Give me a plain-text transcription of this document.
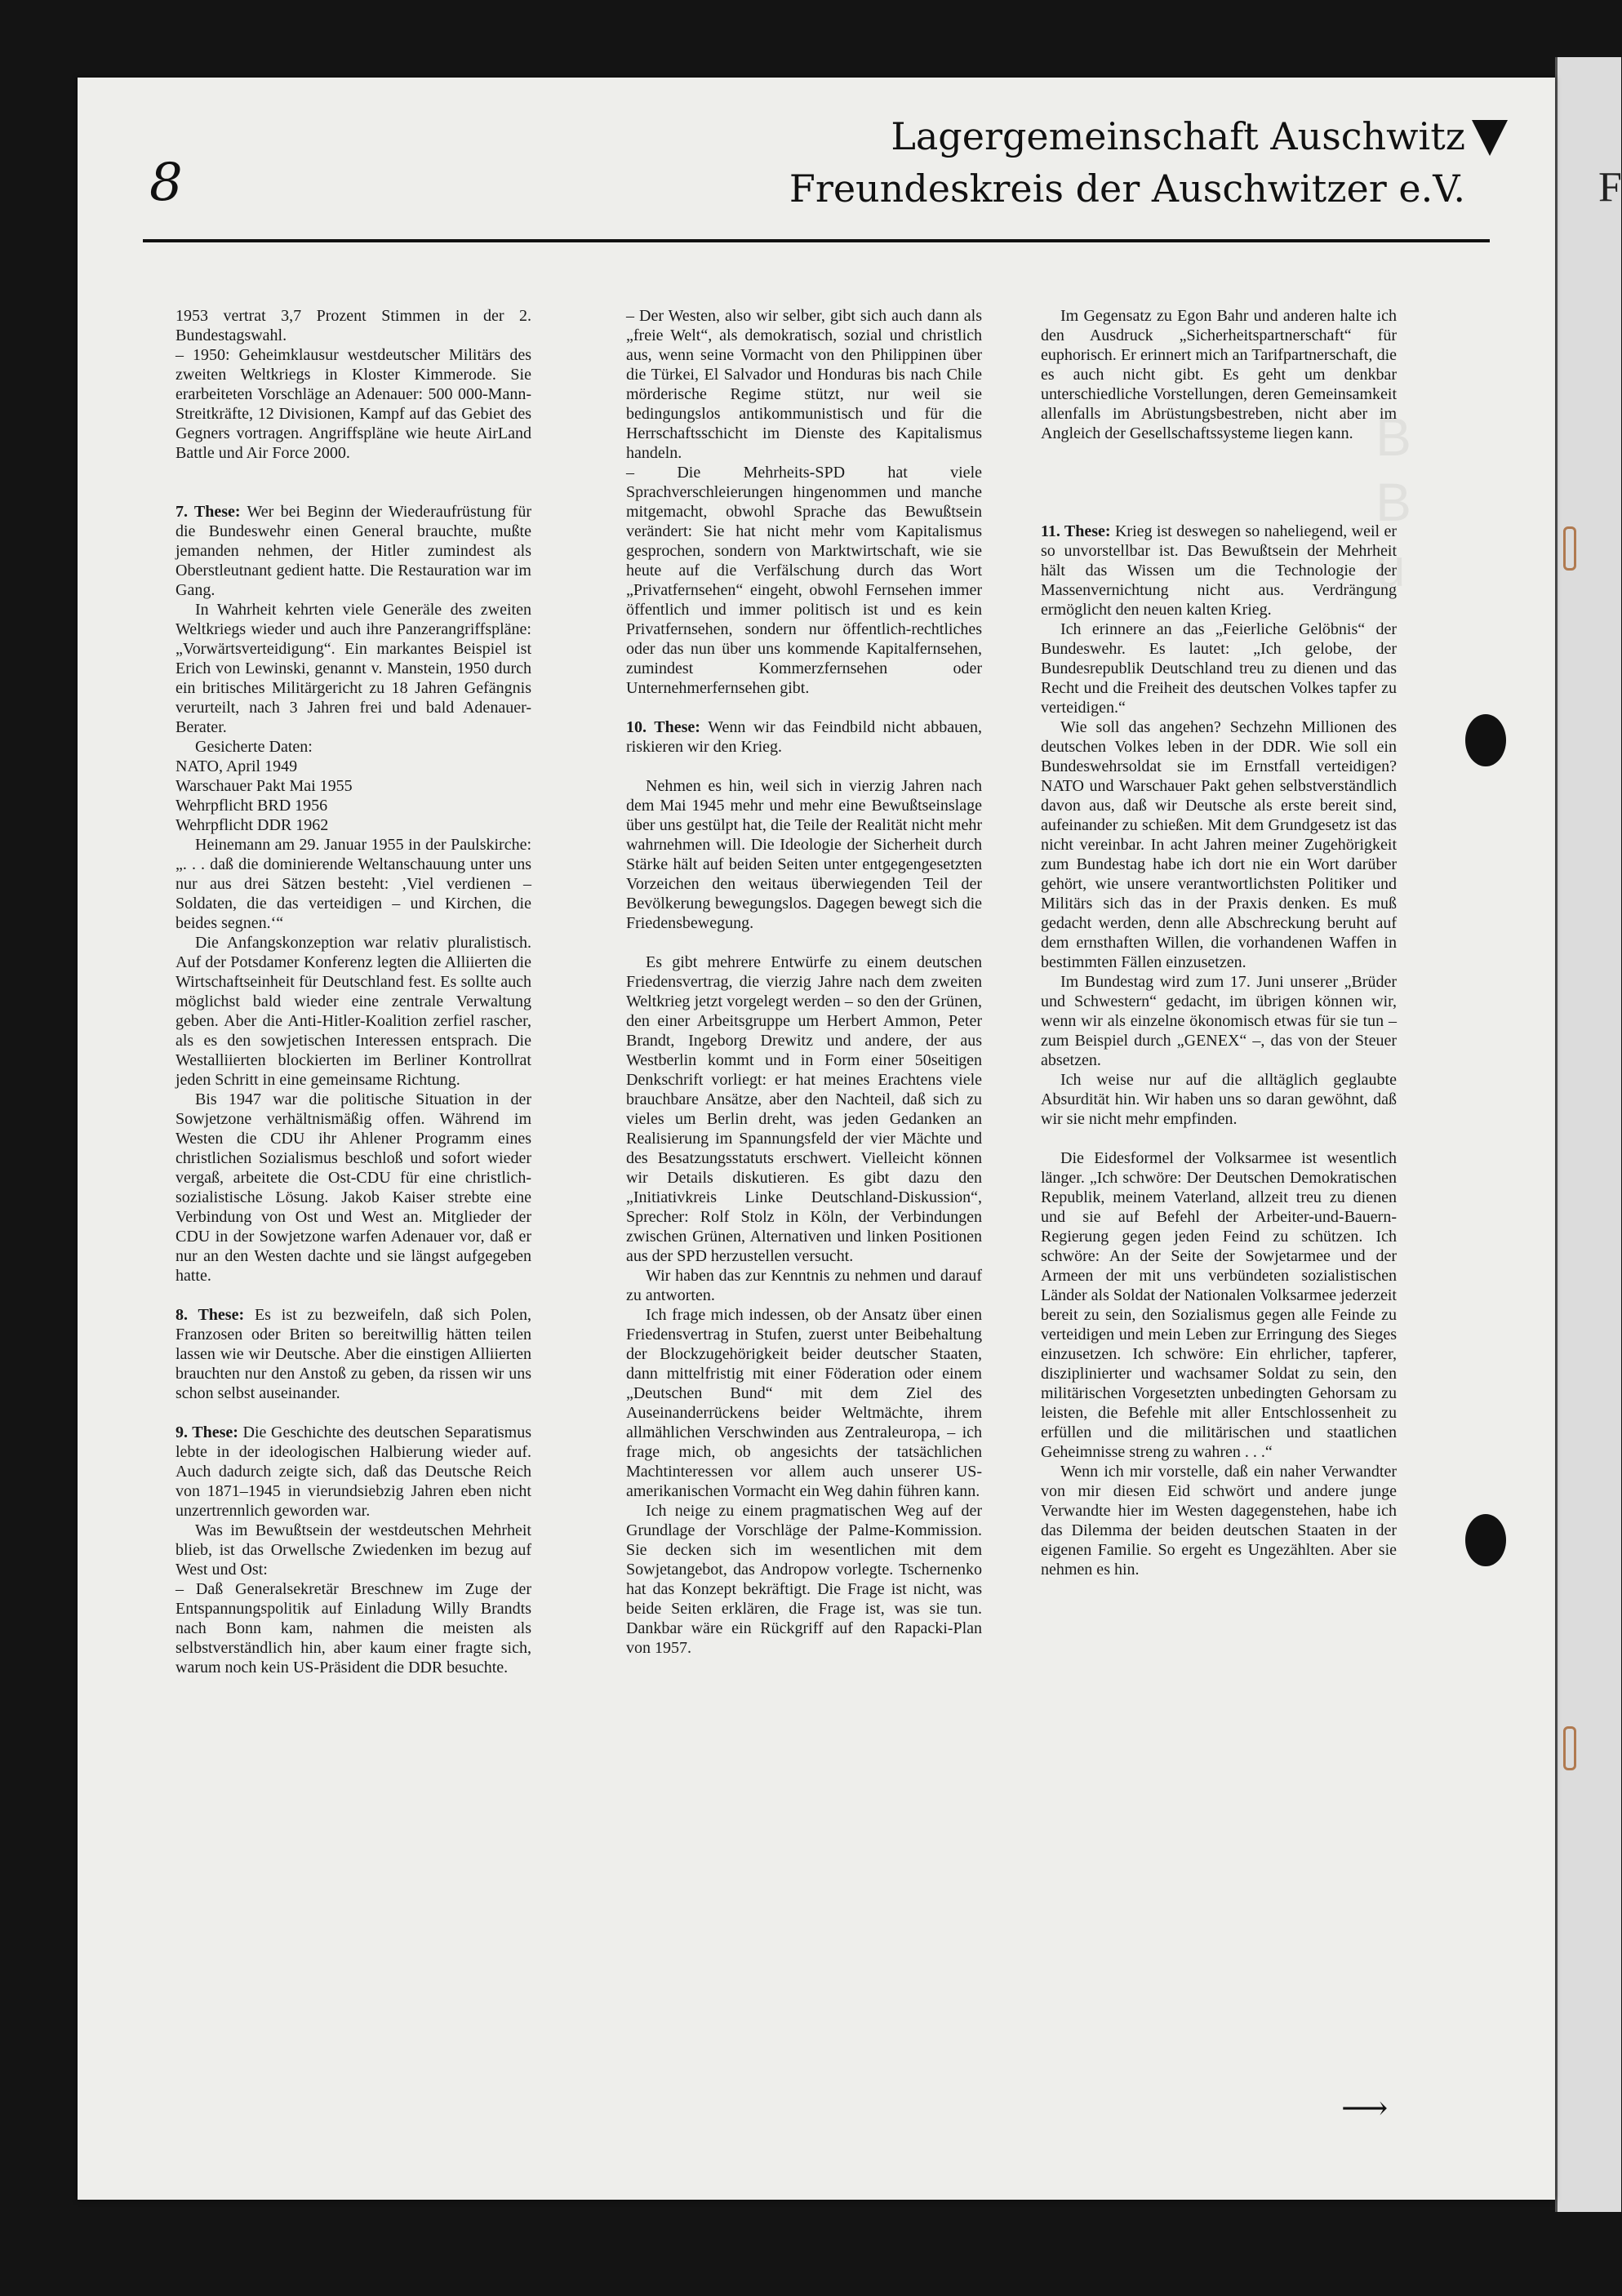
F
B
B
u
8
Lagergemeinschaft Auschwitz
Freundeskreis der Auschwitzer e.V.

1953 vertrat 3,7 Prozent Stimmen in der 2. Bundestagswahl.

– 1950: Geheimklausur westdeutscher Militärs des zweiten Weltkriegs in Kloster Kimmerode. Sie erarbeiteten Vorschläge an Adenauer: 500 000-Mann-Streitkräfte, 12 Divisionen, Kampf auf das Gebiet des Gegners vortragen. Angriffspläne wie heute AirLand Battle und Air Force 2000.

7. These: Wer bei Beginn der Wiederaufrüstung für die Bundeswehr einen General brauchte, mußte jemanden nehmen, der Hitler zumindest als Oberstleutnant gedient hatte. Die Restauration war im Gang.

In Wahrheit kehrten viele Generäle des zweiten Weltkriegs wieder und auch ihre Panzerangriffspläne: „Vorwärtsverteidigung“. Ein markantes Beispiel ist Erich von Lewinski, genannt v. Manstein, 1950 durch ein britisches Militärgericht zu 18 Jahren Gefängnis verurteilt, nach 3 Jahren frei und bald Adenauer-Berater.

Gesicherte Daten:

NATO, April 1949
Warschauer Pakt Mai 1955
Wehrpflicht BRD 1956
Wehrpflicht DDR 1962

Heinemann am 29. Januar 1955 in der Paulskirche: „. . . daß die dominierende Weltanschauung unter uns nur aus drei Sätzen besteht: ‚Viel verdienen – Soldaten, die das verteidigen – und Kirchen, die beides segnen.‘“

Die Anfangskonzeption war relativ pluralistisch. Auf der Potsdamer Konferenz legten die Alliierten die Wirtschaftseinheit für Deutschland fest. Es sollte auch möglichst bald wieder eine zentrale Verwaltung geben. Aber die Anti-Hitler-Koalition zerfiel rascher, als es den sowjetischen Interessen entsprach. Die Westalliierten blockierten im Berliner Kontrollrat jeden Schritt in eine gemeinsame Richtung.

Bis 1947 war die politische Situation in der Sowjetzone verhältnismäßig offen. Während im Westen die CDU ihr Ahlener Programm eines christlichen Sozialismus beschloß und sofort wieder vergaß, arbeitete die Ost-CDU für eine christlich-sozialistische Lösung. Jakob Kaiser strebte eine Verbindung von Ost und West an. Mitglieder der CDU in der Sowjetzone warfen Adenauer vor, daß er nur an den Westen dachte und sie längst aufgegeben hatte.

8. These: Es ist zu bezweifeln, daß sich Polen, Franzosen oder Briten so bereitwillig hätten teilen lassen wie wir Deutsche. Aber die einstigen Alliierten brauchten nur den Anstoß zu geben, da rissen wir uns schon selbst auseinander.

9. These: Die Geschichte des deutschen Separatismus lebte in der ideologischen Halbierung wieder auf. Auch dadurch zeigte sich, daß das Deutsche Reich von 1871–1945 in vierundsiebzig Jahren eben nicht unzertrennlich geworden war.

Was im Bewußtsein der westdeutschen Mehrheit blieb, ist das Orwellsche Zwiedenken im bezug auf West und Ost:

– Daß Generalsekretär Breschnew im Zuge der Entspannungspolitik auf Einladung Willy Brandts nach Bonn kam, nahmen die meisten als selbstverständlich hin, aber kaum einer fragte sich, warum noch kein US-Präsident die DDR besuchte.

– Der Westen, also wir selber, gibt sich auch dann als „freie Welt“, als demokratisch, sozial und christlich aus, wenn seine Vormacht von den Philippinen über die Türkei, El Salvador und Honduras bis nach Chile mörderische Regime stützt, nur weil sie bedingungslos antikommunistisch und für die Herrschaftsschicht im Dienste des Kapitalismus handeln.

– Die Mehrheits-SPD hat viele Sprachverschleierungen hingenommen und manche mitgemacht, obwohl Sprache das Bewußtsein verändert: Sie hat nicht mehr vom Kapitalismus gesprochen, sondern von Marktwirtschaft, wie sie heute auf die Verfälschung durch das Wort „Privatfernsehen“ eingeht, obwohl Fernsehen immer öffentlich und immer politisch ist und es kein Privatfernsehen, sondern nur öffentlich-rechtliches oder das nun über uns kommende Kapitalfernsehen, zumindest Kommerzfernsehen oder Unternehmerfernsehen gibt.

10. These: Wenn wir das Feindbild nicht abbauen, riskieren wir den Krieg.

Nehmen es hin, weil sich in vierzig Jahren nach dem Mai 1945 mehr und mehr eine Bewußtseinslage über uns gestülpt hat, die Teile der Realität nicht mehr wahrnehmen will. Die Ideologie der Sicherheit durch Stärke hält auf beiden Seiten unter entgegengesetzten Vorzeichen den weitaus überwiegenden Teil der Bevölkerung bewegungslos. Dagegen bewegt sich die Friedensbewegung.

Es gibt mehrere Entwürfe zu einem deutschen Friedensvertrag, die vierzig Jahre nach dem zweiten Weltkrieg jetzt vorgelegt werden – so den der Grünen, den einer Arbeitsgruppe um Herbert Ammon, Peter Brandt, Ingeborg Drewitz und andere, der aus Westberlin kommt und in Form einer 50seitigen Denkschrift vorliegt: er hat meines Erachtens viele brauchbare Ansätze, aber den Nachteil, daß sich zu vieles um Berlin dreht, was jeden Gedanken an Realisierung im Spannungsfeld der vier Mächte und des Besatzungsstatuts erschwert. Vielleicht können wir Details diskutieren. Es gibt dazu den „Initiativkreis Linke Deutschland-Diskussion“, Sprecher: Rolf Stolz in Köln, der Verbindungen zwischen Grünen, Alternativen und linken Positionen aus der SPD herzustellen versucht.

Wir haben das zur Kenntnis zu nehmen und darauf zu antworten.

Ich frage mich indessen, ob der Ansatz über einen Friedensvertrag in Stufen, zuerst unter Beibehaltung der Blockzugehörigkeit beider deutscher Staaten, dann mittelfristig mit einer Föderation oder einem „Deutschen Bund“ mit dem Ziel des Auseinanderrückens beider Weltmächte, ihrem allmählichen Verschwinden aus Zentraleuropa, – ich frage mich, ob angesichts der tatsächlichen Machtinteressen vor allem auch unserer US-amerikanischen Vormacht ein Weg dahin führen kann.

Ich neige zu einem pragmatischen Weg auf der Grundlage der Vorschläge der Palme-Kommission. Sie decken sich im wesentlichen mit dem Sowjetangebot, das Andropow vorlegte. Tschernenko hat das Konzept bekräftigt. Die Frage ist nicht, was beide Seiten erklären, die Frage ist, was sie tun. Dankbar wäre ein Rückgriff auf den Rapacki-Plan von 1957.

Im Gegensatz zu Egon Bahr und anderen halte ich den Ausdruck „Sicherheitspartnerschaft“ für euphorisch. Er erinnert mich an Tarifpartnerschaft, die es auch nicht gibt. Es geht um denkbar unterschiedliche Vorstellungen, deren Gemeinsamkeit allenfalls im Abrüstungsbestreben, nicht aber im Angleich der Gesellschaftssysteme liegen kann.

11. These: Krieg ist deswegen so naheliegend, weil er so unvorstellbar ist. Das Bewußtsein der Mehrheit hält das Wissen um die Technologie der Massenvernichtung nicht aus. Verdrängung ermöglicht den neuen kalten Krieg.

Ich erinnere an das „Feierliche Gelöbnis“ der Bundeswehr. Es lautet: „Ich gelobe, der Bundesrepublik Deutschland treu zu dienen und das Recht und die Freiheit des deutschen Volkes tapfer zu verteidigen.“

Wie soll das angehen? Sechzehn Millionen des deutschen Volkes leben in der DDR. Wie soll ein Bundeswehrsoldat sie im Ernstfall verteidigen? NATO und Warschauer Pakt gehen selbstverständlich davon aus, daß wir Deutsche als erste bereit sind, aufeinander zu schießen. Mit dem Grundgesetz ist das nicht vereinbar. In acht Jahren meiner Zugehörigkeit zum Bundestag habe ich dort nie ein Wort darüber gehört, wie unsere verantwortlichsten Politiker und Militärs sich das in der Praxis denken. Es muß gedacht werden, denn alle Abschreckung beruht auf dem ernsthaften Willen, die vorhandenen Waffen in bestimmten Fällen einzusetzen.

Im Bundestag wird zum 17. Juni unserer „Brüder und Schwestern“ gedacht, im übrigen können wir, wenn wir als einzelne ökonomisch etwas für sie tun – zum Beispiel durch „GENEX“ –, das von der Steuer absetzen.

Ich weise nur auf die alltäglich geglaubte Absurdität hin. Wir haben uns so daran gewöhnt, daß wir sie nicht mehr empfinden.

Die Eidesformel der Volksarmee ist wesentlich länger. „Ich schwöre: Der Deutschen Demokratischen Republik, meinem Vaterland, allzeit treu zu dienen und sie auf Befehl der Arbeiter-und-Bauern-Regierung gegen jeden Feind zu schützen. Ich schwöre: An der Seite der Sowjetarmee und der Armeen der mit uns verbündeten sozialistischen Länder als Soldat der Nationalen Volksarmee jederzeit bereit zu sein, den Sozialismus gegen alle Feinde zu verteidigen und mein Leben zur Erringung des Sieges einzusetzen. Ich schwöre: Ein ehrlicher, tapferer, disziplinierter und wachsamer Soldat zu sein, den militärischen Vorgesetzten unbedingten Gehorsam zu leisten, die Befehle mit aller Entschlossenheit zu erfüllen und die militärischen und staatlichen Geheimnisse streng zu wahren . . .“

Wenn ich mir vorstelle, daß ein naher Verwandter von mir diesen Eid schwört und andere junge Verwandte hier im Westen dagegenstehen, habe ich das Dilemma der beiden deutschen Staaten in der eigenen Familie. So ergeht es Ungezählten. Aber sie nehmen es hin.

⟶
